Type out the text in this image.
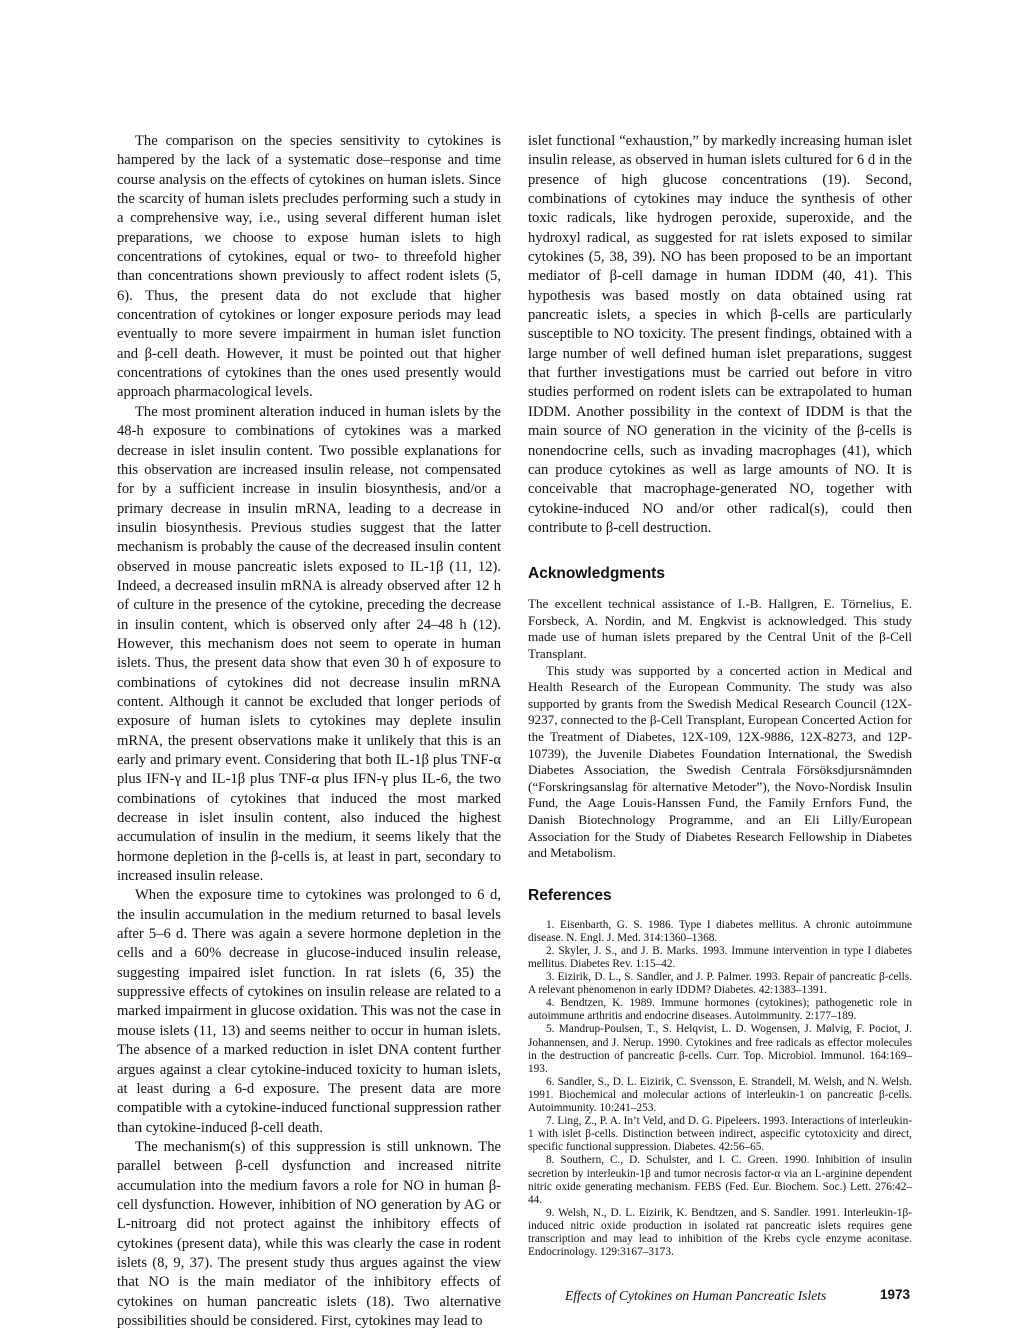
The comparison on the species sensitivity to cytokines is hampered by the lack of a systematic dose–response and time course analysis on the effects of cytokines on human islets. Since the scarcity of human islets precludes performing such a study in a comprehensive way, i.e., using several different human islet preparations, we choose to expose human islets to high concentrations of cytokines, equal or two- to threefold higher than concentrations shown previously to affect rodent islets (5, 6). Thus, the present data do not exclude that higher concentration of cytokines or longer exposure periods may lead eventually to more severe impairment in human islet function and β-cell death. However, it must be pointed out that higher concentrations of cytokines than the ones used presently would approach pharmacological levels.

The most prominent alteration induced in human islets by the 48-h exposure to combinations of cytokines was a marked decrease in islet insulin content. Two possible explanations for this observation are increased insulin release, not compensated for by a sufficient increase in insulin biosynthesis, and/or a primary decrease in insulin mRNA, leading to a decrease in insulin biosynthesis. Previous studies suggest that the latter mechanism is probably the cause of the decreased insulin content observed in mouse pancreatic islets exposed to IL-1β (11, 12). Indeed, a decreased insulin mRNA is already observed after 12 h of culture in the presence of the cytokine, preceding the decrease in insulin content, which is observed only after 24–48 h (12). However, this mechanism does not seem to operate in human islets. Thus, the present data show that even 30 h of exposure to combinations of cytokines did not decrease insulin mRNA content. Although it cannot be excluded that longer periods of exposure of human islets to cytokines may deplete insulin mRNA, the present observations make it unlikely that this is an early and primary event. Considering that both IL-1β plus TNF-α plus IFN-γ and IL-1β plus TNF-α plus IFN-γ plus IL-6, the two combinations of cytokines that induced the most marked decrease in islet insulin content, also induced the highest accumulation of insulin in the medium, it seems likely that the hormone depletion in the β-cells is, at least in part, secondary to increased insulin release.

When the exposure time to cytokines was prolonged to 6 d, the insulin accumulation in the medium returned to basal levels after 5–6 d. There was again a severe hormone depletion in the cells and a 60% decrease in glucose-induced insulin release, suggesting impaired islet function. In rat islets (6, 35) the suppressive effects of cytokines on insulin release are related to a marked impairment in glucose oxidation. This was not the case in mouse islets (11, 13) and seems neither to occur in human islets. The absence of a marked reduction in islet DNA content further argues against a clear cytokine-induced toxicity to human islets, at least during a 6-d exposure. The present data are more compatible with a cytokine-induced functional suppression rather than cytokine-induced β-cell death.

The mechanism(s) of this suppression is still unknown. The parallel between β-cell dysfunction and increased nitrite accumulation into the medium favors a role for NO in human β-cell dysfunction. However, inhibition of NO generation by AG or L-nitroarg did not protect against the inhibitory effects of cytokines (present data), while this was clearly the case in rodent islets (8, 9, 37). The present study thus argues against the view that NO is the main mediator of the inhibitory effects of cytokines on human pancreatic islets (18). Two alternative possibilities should be considered. First, cytokines may lead to

islet functional “exhaustion,” by markedly increasing human islet insulin release, as observed in human islets cultured for 6 d in the presence of high glucose concentrations (19). Second, combinations of cytokines may induce the synthesis of other toxic radicals, like hydrogen peroxide, superoxide, and the hydroxyl radical, as suggested for rat islets exposed to similar cytokines (5, 38, 39). NO has been proposed to be an important mediator of β-cell damage in human IDDM (40, 41). This hypothesis was based mostly on data obtained using rat pancreatic islets, a species in which β-cells are particularly susceptible to NO toxicity. The present findings, obtained with a large number of well defined human islet preparations, suggest that further investigations must be carried out before in vitro studies performed on rodent islets can be extrapolated to human IDDM. Another possibility in the context of IDDM is that the main source of NO generation in the vicinity of the β-cells is nonendocrine cells, such as invading macrophages (41), which can produce cytokines as well as large amounts of NO. It is conceivable that macrophage-generated NO, together with cytokine-induced NO and/or other radical(s), could then contribute to β-cell destruction.

Acknowledgments

The excellent technical assistance of I.-B. Hallgren, E. Törnelius, E. Forsbeck, A. Nordin, and M. Engkvist is acknowledged. This study made use of human islets prepared by the Central Unit of the β-Cell Transplant.

This study was supported by a concerted action in Medical and Health Research of the European Community. The study was also supported by grants from the Swedish Medical Research Council (12X-9237, connected to the β-Cell Transplant, European Concerted Action for the Treatment of Diabetes, 12X-109, 12X-9886, 12X-8273, and 12P-10739), the Juvenile Diabetes Foundation International, the Swedish Diabetes Association, the Swedish Centrala Försöksdjursnämnden (“Forskringsanslag för alternative Metoder”), the Novo-Nordisk Insulin Fund, the Aage Louis-Hanssen Fund, the Family Ernfors Fund, the Danish Biotechnology Programme, and an Eli Lilly/European Association for the Study of Diabetes Research Fellowship in Diabetes and Metabolism.

References
1. Eisenbarth, G. S. 1986. Type I diabetes mellitus. A chronic autoimmune disease. N. Engl. J. Med. 314:1360–1368.
2. Skyler, J. S., and J. B. Marks. 1993. Immune intervention in type I diabetes mellitus. Diabetes Rev. 1:15–42.
3. Eizirik, D. L., S. Sandler, and J. P. Palmer. 1993. Repair of pancreatic β-cells. A relevant phenomenon in early IDDM? Diabetes. 42:1383–1391.
4. Bendtzen, K. 1989. Immune hormones (cytokines); pathogenetic role in autoimmune arthritis and endocrine diseases. Autoimmunity. 2:177–189.
5. Mandrup-Poulsen, T., S. Helqvist, L. D. Wogensen, J. Mølvig, F. Pociot, J. Johannensen, and J. Nerup. 1990. Cytokines and free radicals as effector molecules in the destruction of pancreatic β-cells. Curr. Top. Microbiol. Immunol. 164:169–193.
6. Sandler, S., D. L. Eizirik, C. Svensson, E. Strandell, M. Welsh, and N. Welsh. 1991. Biochemical and molecular actions of interleukin-1 on pancreatic β-cells. Autoimmunity. 10:241–253.
7. Ling, Z., P. A. In’t Veld, and D. G. Pipeleers. 1993. Interactions of interleukin-1 with islet β-cells. Distinction between indirect, aspecific cytotoxicity and direct, specific functional suppression. Diabetes. 42:56–65.
8. Southern, C., D. Schulster, and I. C. Green. 1990. Inhibition of insulin secretion by interleukin-1β and tumor necrosis factor-α via an L-arginine dependent nitric oxide generating mechanism. FEBS (Fed. Eur. Biochem. Soc.) Lett. 276:42–44.
9. Welsh, N., D. L. Eizirik, K. Bendtzen, and S. Sandler. 1991. Interleukin-1β-induced nitric oxide production in isolated rat pancreatic islets requires gene transcription and may lead to inhibition of the Krebs cycle enzyme aconitase. Endocrinology. 129:3167–3173.
Effects of Cytokines on Human Pancreatic Islets	1973
